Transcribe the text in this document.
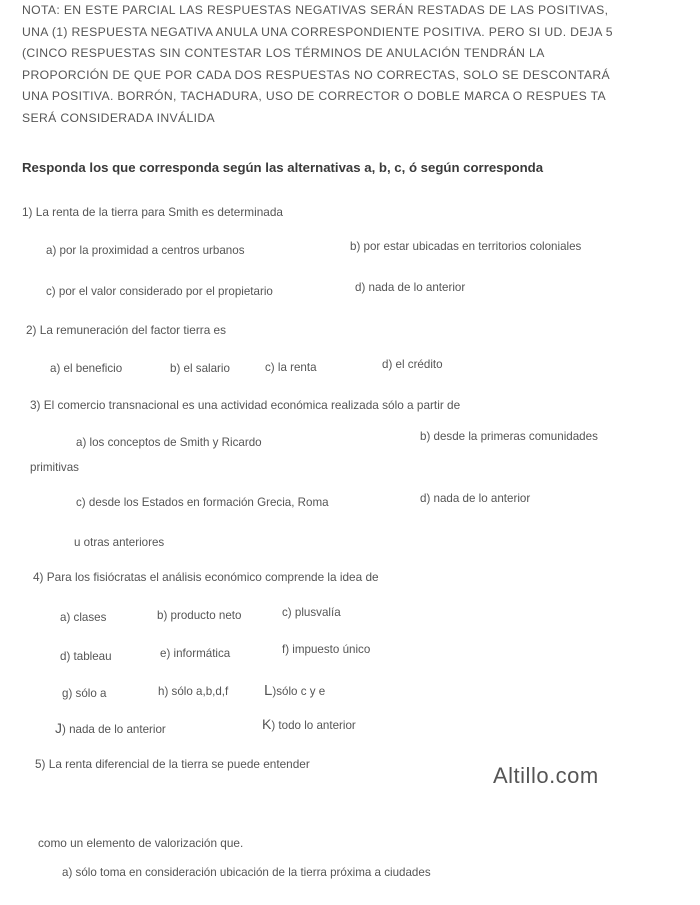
NOTA: EN ESTE PARCIAL LAS RESPUESTAS NEGATIVAS SERÁN RESTADAS DE LAS POSITIVAS,

UNA (1) RESPUESTA NEGATIVA ANULA UNA CORRESPONDIENTE POSITIVA. PERO SI UD. DEJA 5

(CINCO RESPUESTAS SIN CONTESTAR LOS TÉRMINOS DE ANULACIÓN TENDRÁN LA

PROPORCIÓN DE QUE POR CADA DOS RESPUESTAS NO CORRECTAS, SOLO SE DESCONTARÁ

UNA POSITIVA. BORRÓN, TACHADURA, USO DE CORRECTOR O DOBLE MARCA O RESPUES TA

SERÁ CONSIDERADA INVÁLIDA

Responda los que corresponda según las alternativas a, b, c, ó según corresponda
1) La renta de la tierra para Smith es determinada
a) por la proximidad a centros urbanos	b) por estar ubicadas en territorios coloniales
c) por el valor considerado por el propietario	d) nada de lo anterior
2) La remuneración del factor tierra es
a) el beneficio	b) el salario	c) la renta	d) el crédito
3) El comercio transnacional es una actividad económica realizada sólo a partir de
a) los conceptos de Smith y Ricardo	b) desde la primeras comunidades
primitivas
c) desde los Estados en formación Grecia, Roma	d) nada de lo anterior
u otras anteriores
4) Para los fisiócratas el análisis económico comprende la idea de
a) clases	b) producto neto	c) plusvalía
d) tableau	e) informática	f) impuesto único
g) sólo a	h) sólo a,b,d,f L)sólo c y e
J) nada de lo anterior	K) todo lo anterior
5) La renta diferencial de la tierra se puede entender
como un elemento de valorización que.
a) sólo toma en consideración ubicación de la tierra próxima a ciudades
Altillo.com
